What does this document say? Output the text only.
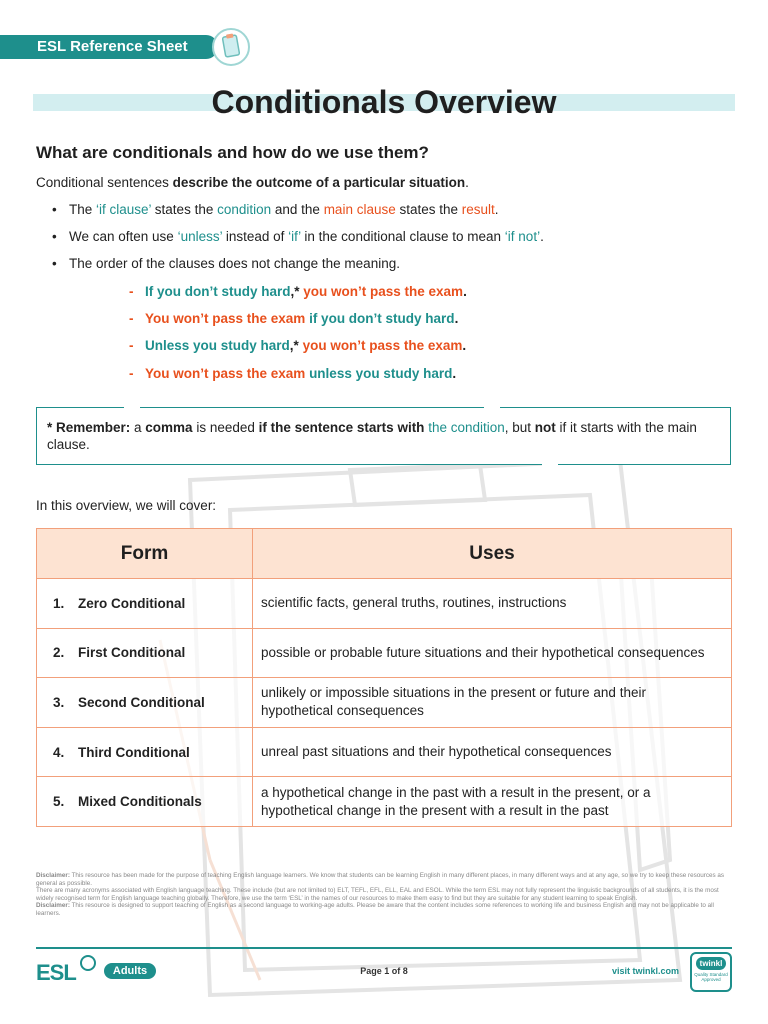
ESL Reference Sheet
Conditionals Overview
What are conditionals and how do we use them?

Conditional sentences describe the outcome of a particular situation.

• The ‘if clause’ states the condition and the main clause states the result.

• We can often use ‘unless’ instead of ‘if’ in the conditional clause to mean ‘if not’.

• The order of the clauses does not change the meaning.

- If you don’t study hard,* you won’t pass the exam.

- You won’t pass the exam if you don’t study hard.

- Unless you study hard,* you won’t pass the exam.

- You won’t pass the exam unless you study hard.

* Remember: a comma is needed if the sentence starts with the condition, but not if it starts with the main clause.

In this overview, we will cover:

Form	Uses
1. Zero Conditional	scientific facts, general truths, routines, instructions
2. First Conditional	possible or probable future situations and their hypothetical consequences
3. Second Conditional	unlikely or impossible situations in the present or future and their hypothetical consequences
4. Third Conditional	unreal past situations and their hypothetical consequences
5. Mixed Conditionals	a hypothetical change in the past with a result in the present, or a hypothetical change in the present with a result in the past

Disclaimer: This resource has been made for the purpose of teaching English language learners. We know that students can be learning English in many different places, in many different ways and at any age, so we try to keep these resources as general as possible.

There are many acronyms associated with English language teaching. These include (but are not limited to) ELT, TEFL, EFL, ELL, EAL and ESOL. While the term ESL may not fully represent the linguistic backgrounds of all students, it is the most widely recognised term for English language teaching globally. Therefore, we use the term ‘ESL’ in the names of our resources to make them easy to find but they are suitable for any student learning to speak English.

Disclaimer: This resource is designed to support teaching of English as a second language to working-age adults. Please be aware that the content includes some references to working life and business English and may not be applicable to all learners.

ESL	Adults	Page 1 of 8	visit twinkl.com
twinkl
Quality Standard Approved
